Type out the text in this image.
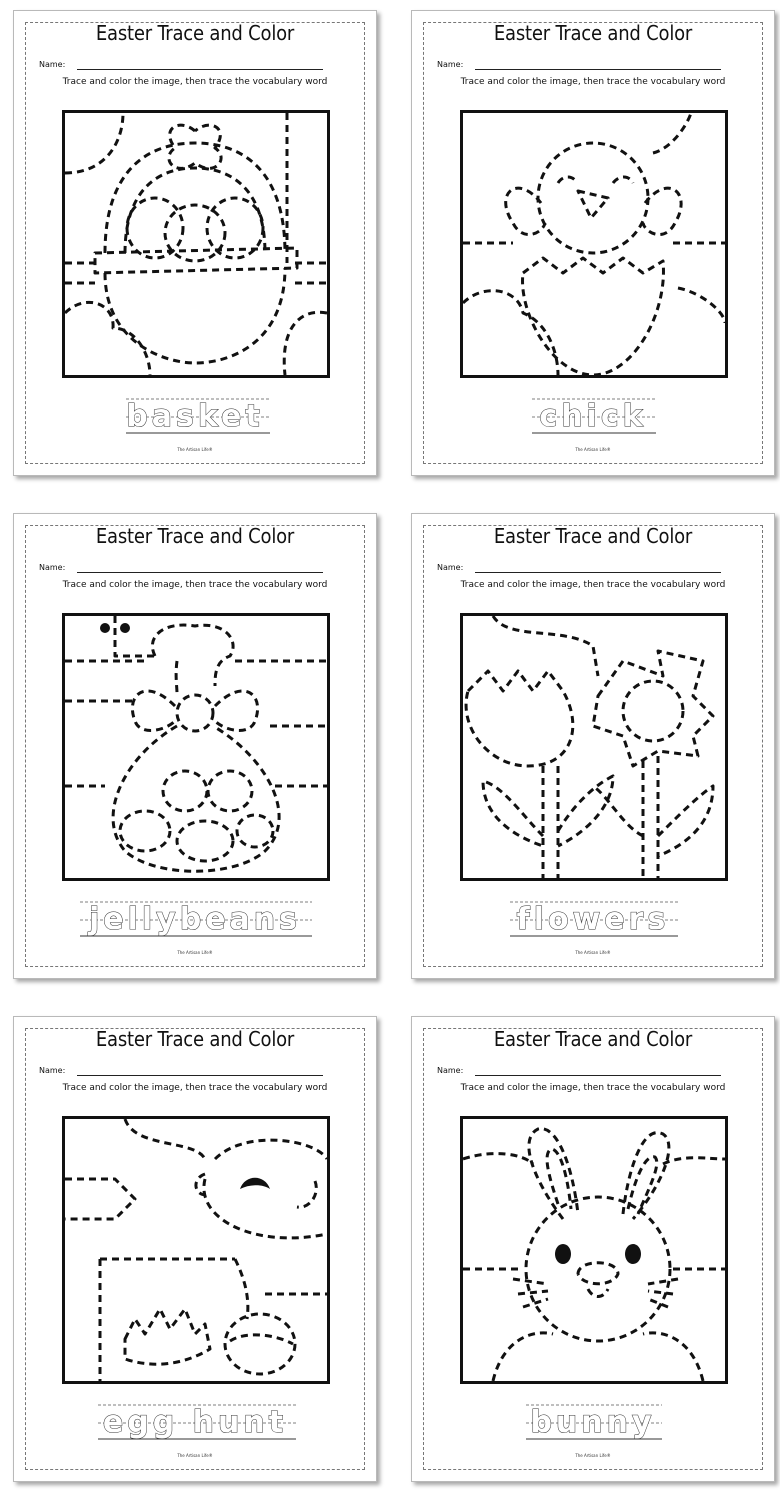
Easter Trace and Color
Name:
Trace and color the image, then trace the vocabulary word
basket
The Artisan Life®
Easter Trace and Color
Name:
Trace and color the image, then trace the vocabulary word
chick
The Artisan Life®
Easter Trace and Color
Name:
Trace and color the image, then trace the vocabulary word
jellybeans
The Artisan Life®
Easter Trace and Color
Name:
Trace and color the image, then trace the vocabulary word
flowers
The Artisan Life®
Easter Trace and Color
Name:
Trace and color the image, then trace the vocabulary word
egg hunt
The Artisan Life®
Easter Trace and Color
Name:
Trace and color the image, then trace the vocabulary word
bunny
The Artisan Life®
